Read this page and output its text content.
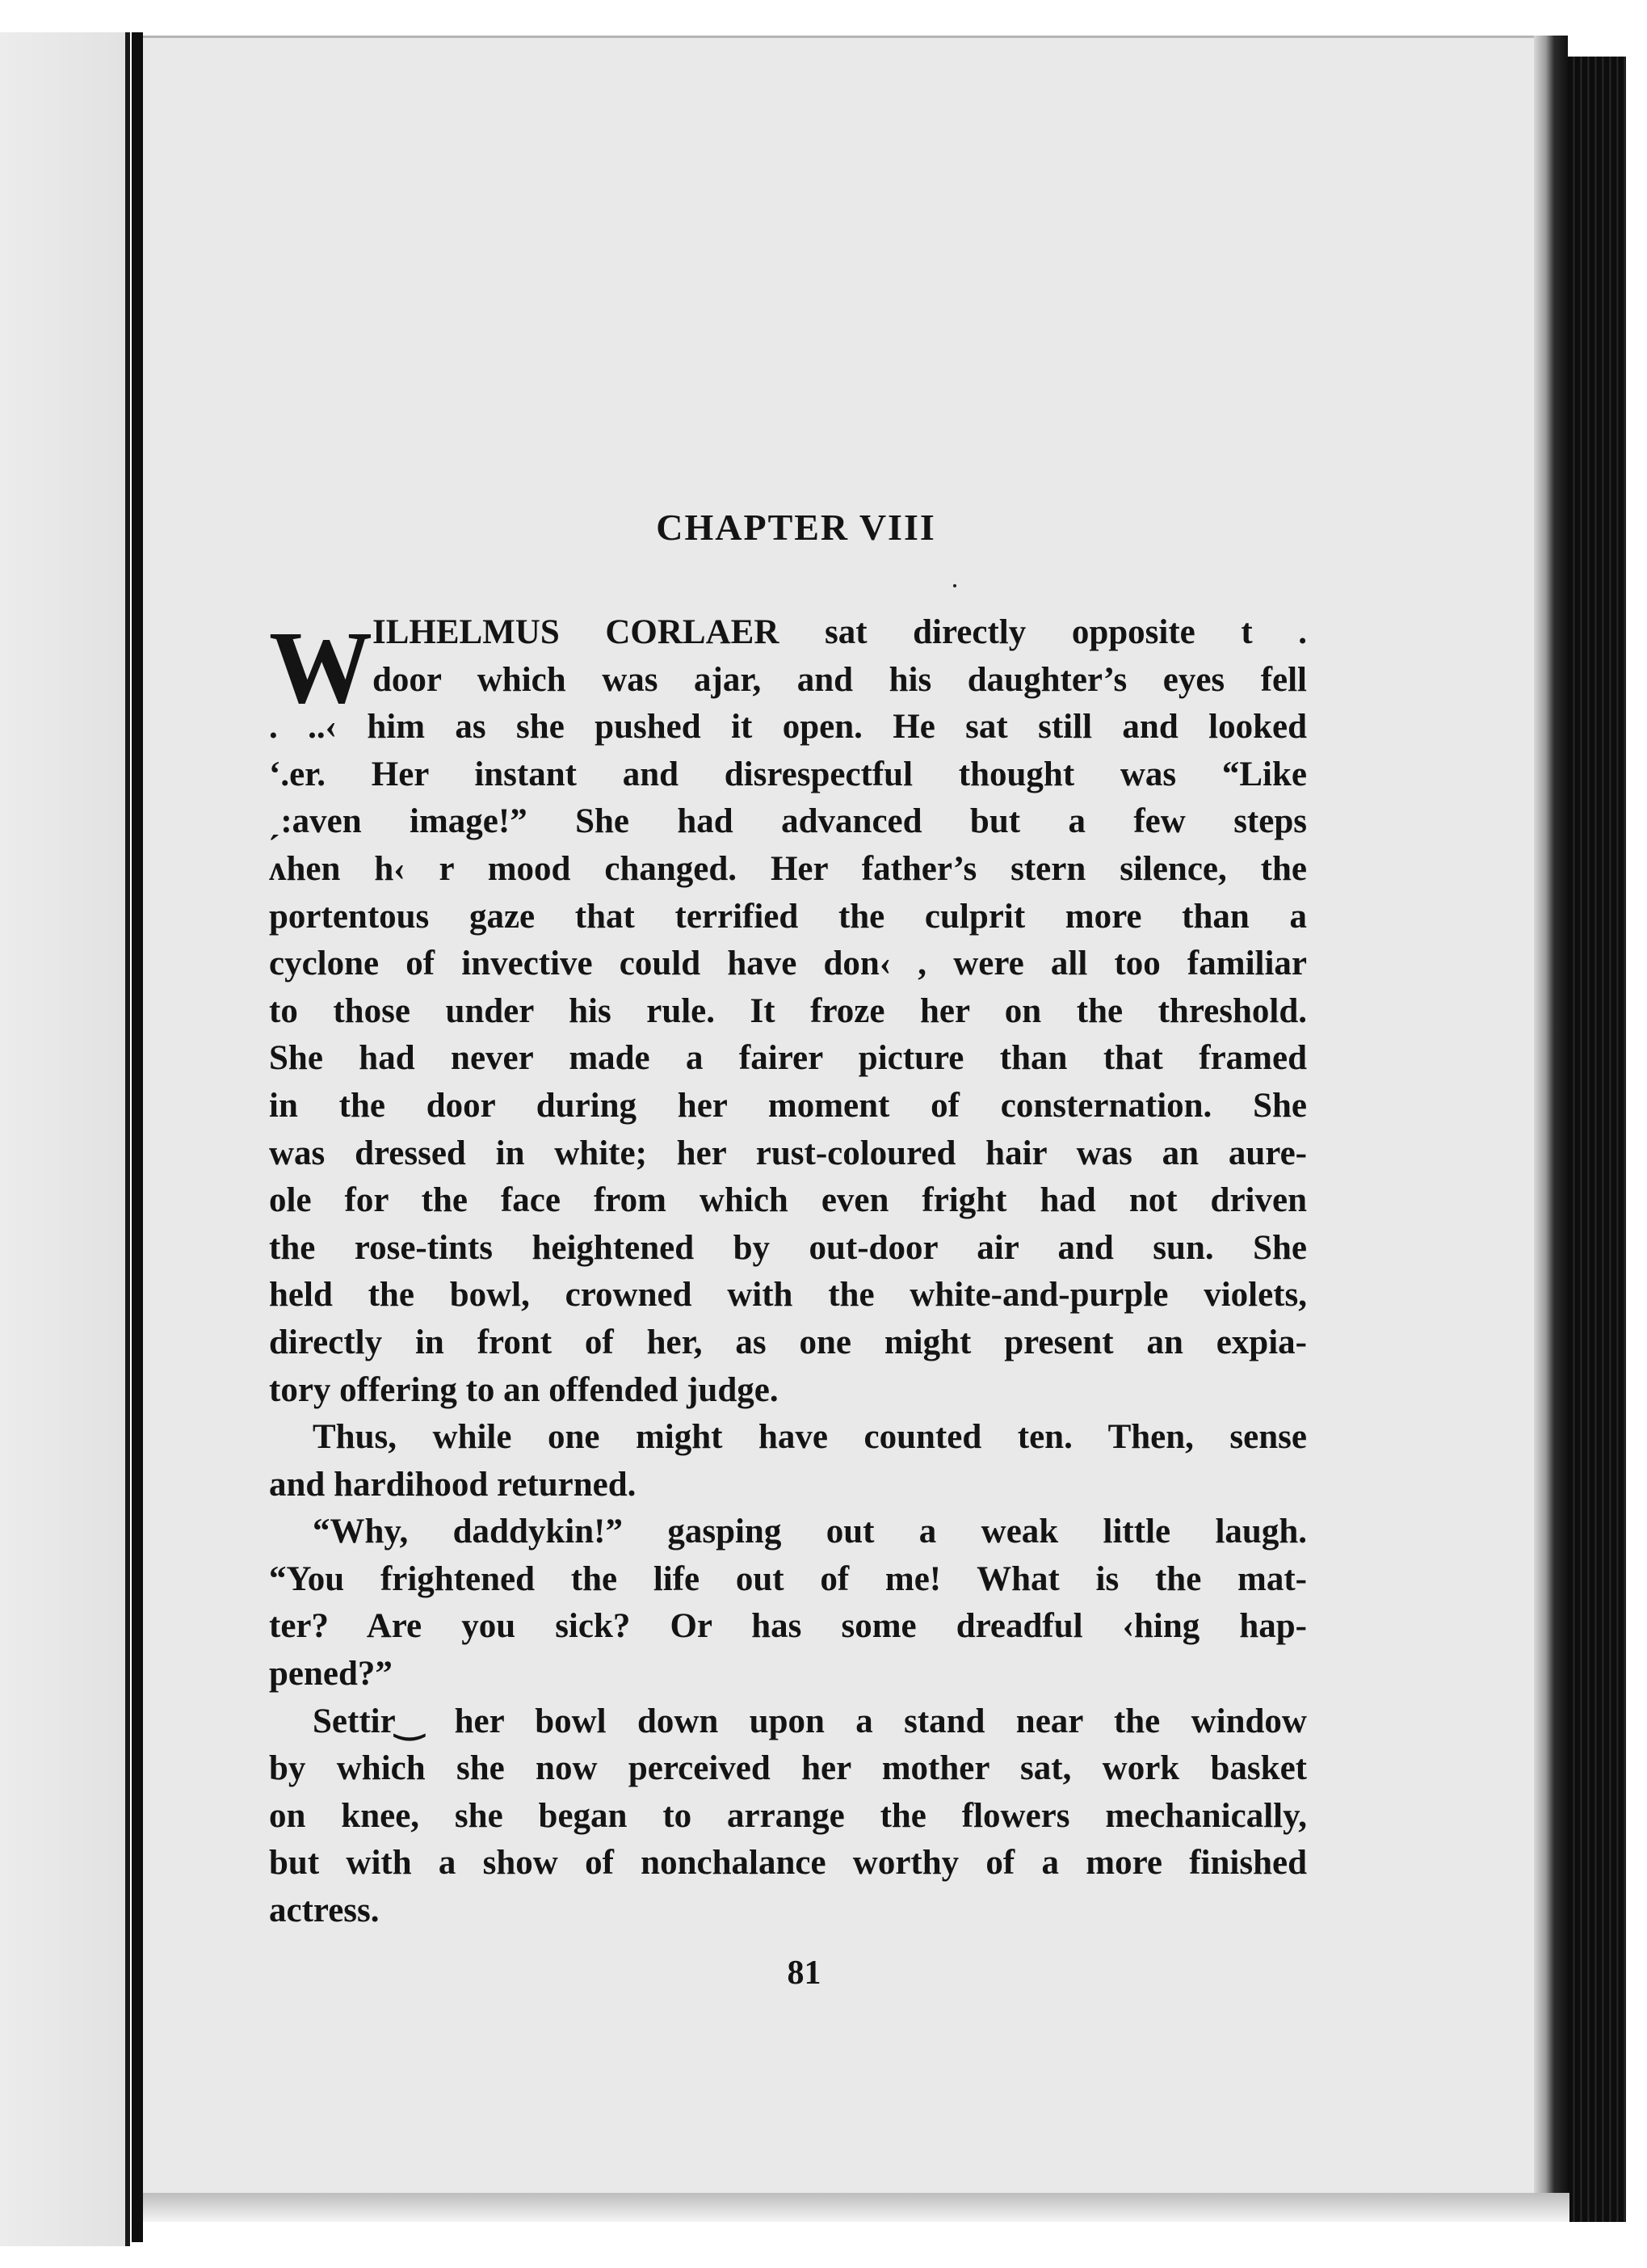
CHAPTER VIII
W ILHELMUS CORLAER sat directly opposite t .
door which was ajar, and his daughter’s eyes fell
. ..‹ him as she pushed it open. He sat still and looked
‘.er. Her instant and disrespectful thought was “Like
ˏ:aven image!” She had advanced but a few steps
ʌhen h‹ r mood changed. Her father’s stern silence, the
portentous gaze that terrified the culprit more than a
cyclone of invective could have don‹ , were all too familiar
to those under his rule. It froze her on the threshold.
She had never made a fairer picture than that framed
in the door during her moment of consternation. She
was dressed in white; her rust-coloured hair was an aure-
ole for the face from which even fright had not driven
the rose-tints heightened by out-door air and sun. She
held the bowl, crowned with the white-and-purple violets,
directly in front of her, as one might present an expia-
tory offering to an offended judge.
Thus, while one might have counted ten. Then, sense
and hardihood returned.
“Why, daddykin!” gasping out a weak little laugh.
“You frightened the life out of me! What is the mat-
ter? Are you sick? Or has some dreadful ‹hing hap-
pened?”
Settir‿ her bowl down upon a stand near the window
by which she now perceived her mother sat, work basket
on knee, she began to arrange the flowers mechanically,
but with a show of nonchalance worthy of a more finished
actress.
81
